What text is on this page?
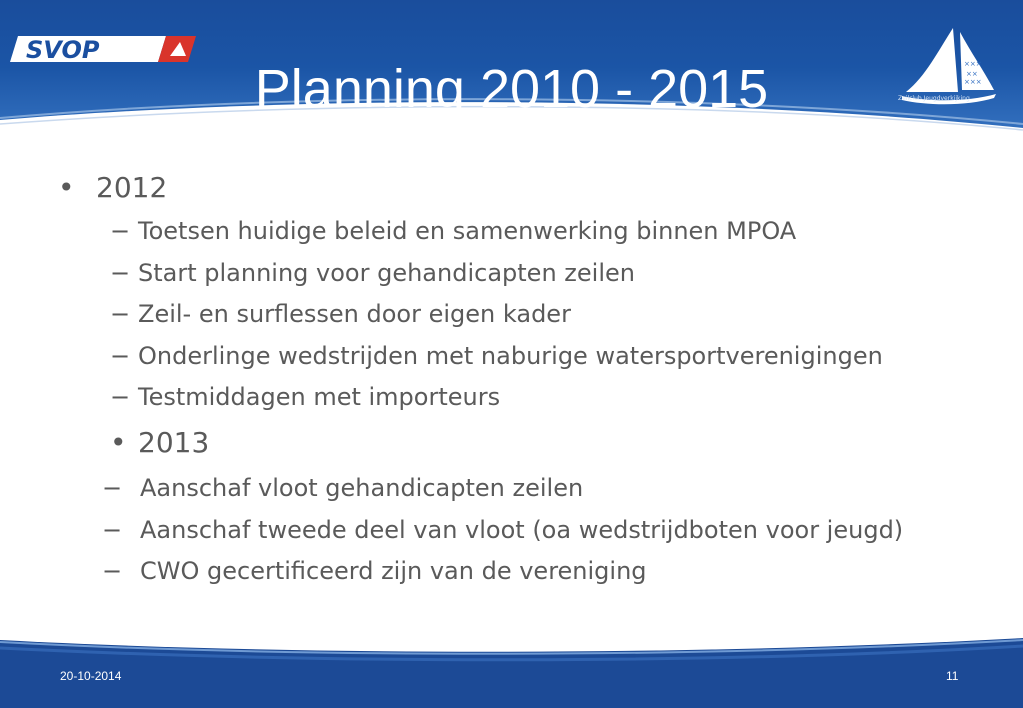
SVOP
Planning 2010 - 2015	×××
××
×××
Zeilclub Jeugdverkijking
• 2012
− Toetsen huidige beleid en samenwerking binnen MPOA
− Start planning voor gehandicapten zeilen
− Zeil- en surflessen door eigen kader
− Onderlinge wedstrijden met naburige watersportverenigingen
− Testmiddagen met importeurs
• 2013
− Aanschaf vloot gehandicapten zeilen
− Aanschaf tweede deel van vloot (oa wedstrijdboten voor jeugd)
− CWO gecertificeerd zijn van de vereniging
20-10-2014	11
